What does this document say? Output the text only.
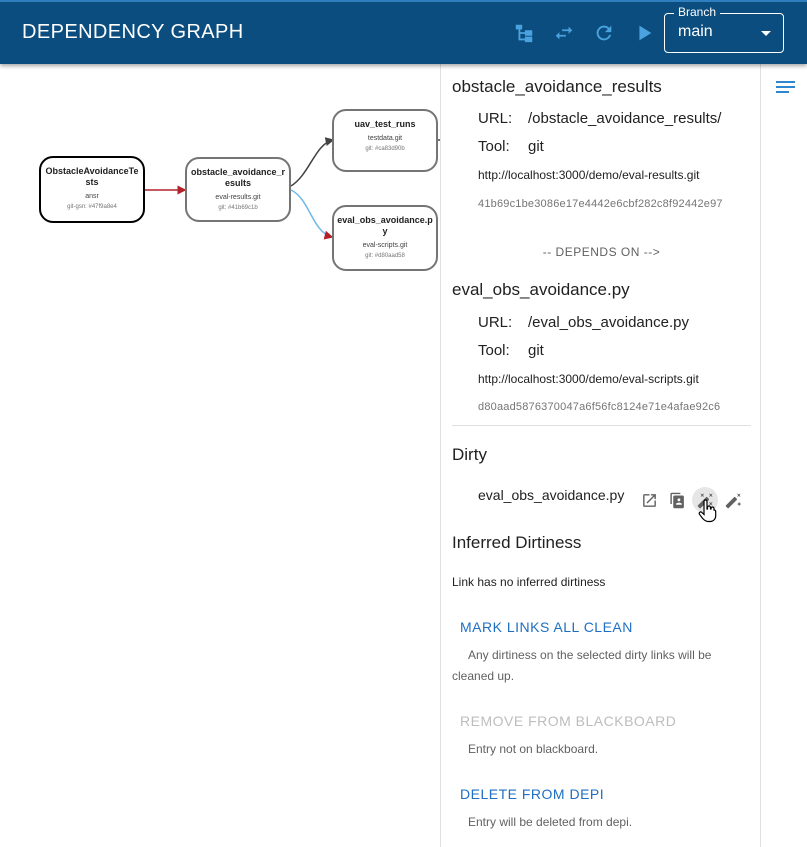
DEPENDENCY GRAPH
Branch
main
ObstacleAvoidanceTests
ansr
git-gsn: #47f9a8e4
obstacle_avoidance_results
eval-results.git
git: #41b69c1b
uav_test_runs
testdata.git
git: #ca83d90b
eval_obs_avoidance.py
eval-scripts.git
git: #d80aad58
obstacle_avoidance_results
URL: /obstacle_avoidance_results/
Tool: git
http://localhost:3000/demo/eval-results.git
41b69c1be3086e17e4442e6cbf282c8f92442e97
-- DEPENDS ON -->
eval_obs_avoidance.py
URL: /eval_obs_avoidance.py
Tool: git
http://localhost:3000/demo/eval-scripts.git
d80aad5876370047a6f56fc8124e71e4afae92c6
Dirty
eval_obs_avoidance.py
Inferred Dirtiness
Link has no inferred dirtiness
MARK LINKS ALL CLEAN
Any dirtiness on the selected dirty links will be cleaned up.
REMOVE FROM BLACKBOARD
Entry not on blackboard.
DELETE FROM DEPI
Entry will be deleted from depi.
